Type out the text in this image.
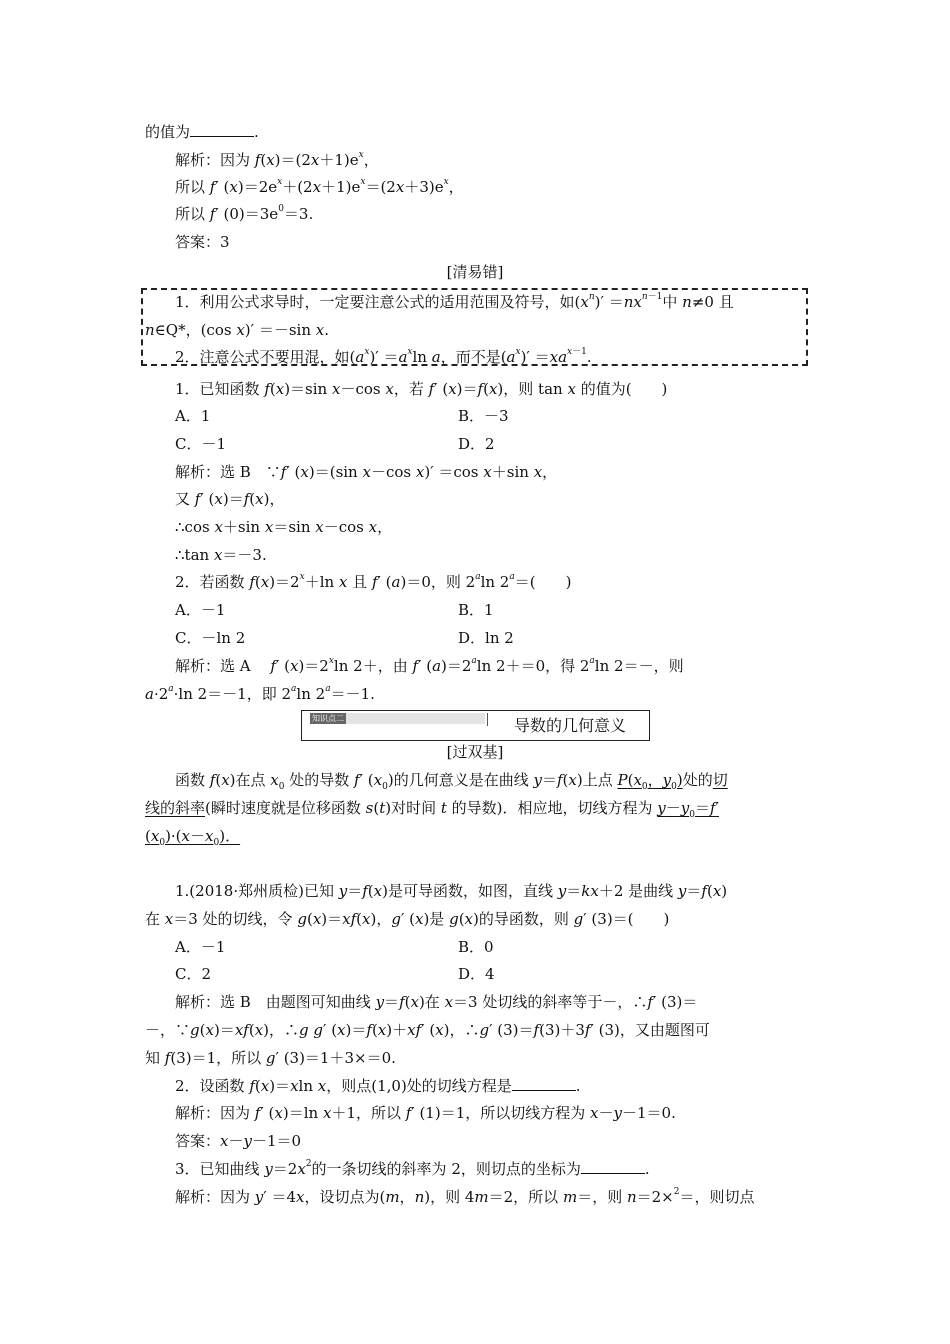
的值为	.
解析：因为 $f(x)=(2x+1)e^x$，
所以 f′ $(x)=2e^x+(2x+1)e^x=(2x+3)e^x$，
所以 f′ $(0)=3e^0=3$.
答案：3
[清易错]
1．利用公式求导时，一定要注意公式的适用范围及符号，如$(x^n)' =nx^{n-1}$中 n≠0 且
n∈Q*，(cos x)′ ＝－sin x.
2．注意公式不要用混，如$(a^x)' =a^x\ln$ a，而不是$(a^x)' =xa^{x-1}$.
1．已知函数 f(x)＝sin x－cos x，若 f′ (x)＝f(x)，则 tan x 的值为(　　)
A．1	B．－3
C．－1	D．2
解析：选 B　∵f′ (x)＝(sin x－cos x)′ ＝cos x＋sin x，
又 f′ (x)＝f(x)，
∴cos x＋sin x＝sin x－cos x，
∴tan x＝－3.
2．若函数 $f(x)=2^x+\ln$ x 且 f′ (a)＝0，则 2$^a$ln $2^a=$(　　)
A．－1	B．1
C．－ln 2	D．ln 2
解析：选 A　 f′ $(x)=2^x\ln$ 2＋，由 f′ $(a)=2^a\ln$ 2＋＝0，得 2$^a$ln 2＝－，则
$a\cdot 2^a\cdot\ln$ 2＝－1，即 2$^a$ln $2^a=-1$.
知识点二	导数的几何意义
[过双基]
函数 f(x)在点 $x_0$ 处的导数 f′ $(x_0)$的几何意义是在曲线 y＝f(x)上点 $P(x_0$，$y_0$)处的切
线的斜率(瞬时速度就是位移函数 s(t)对时间 t 的导数)．相应地，切线方程为 $y-y_0=f'$
$(x_0)\cdot(x-x_0)$．
1.(2018·郑州质检)已知 y＝f(x)是可导函数，如图，直线 y＝kx＋2 是曲线 y＝f(x)
在 x＝3 处的切线，令 g(x)＝xf(x)，g′ (x)是 g(x)的导函数，则 g′ (3)＝(　　)
A．－1	B．0
C．2	D．4
解析：选 B　由题图可知曲线 y＝f(x)在 x＝3 处切线的斜率等于－，∴f′ (3)＝
－，∵g(x)＝xf(x)，∴g g′ (x)＝f(x)＋xf′ (x)，∴g′ (3)＝f(3)＋3f′ (3)，又由题图可
知 f(3)＝1，所以 g′ (3)＝1＋3×＝0.
2．设函数 f(x)＝xln x，则点(1,0)处的切线方程是	.
解析：因为 f′ (x)＝ln x＋1，所以 f′ (1)＝1，所以切线方程为 x－y－1＝0.
答案：x－y－1＝0
3．已知曲线 $y=2x^2$的一条切线的斜率为 2，则切点的坐标为	.
解析：因为 y′ ＝4x，设切点为(m，n)，则 4m＝2，所以 m＝，则 n＝2×$^2$＝，则切点
